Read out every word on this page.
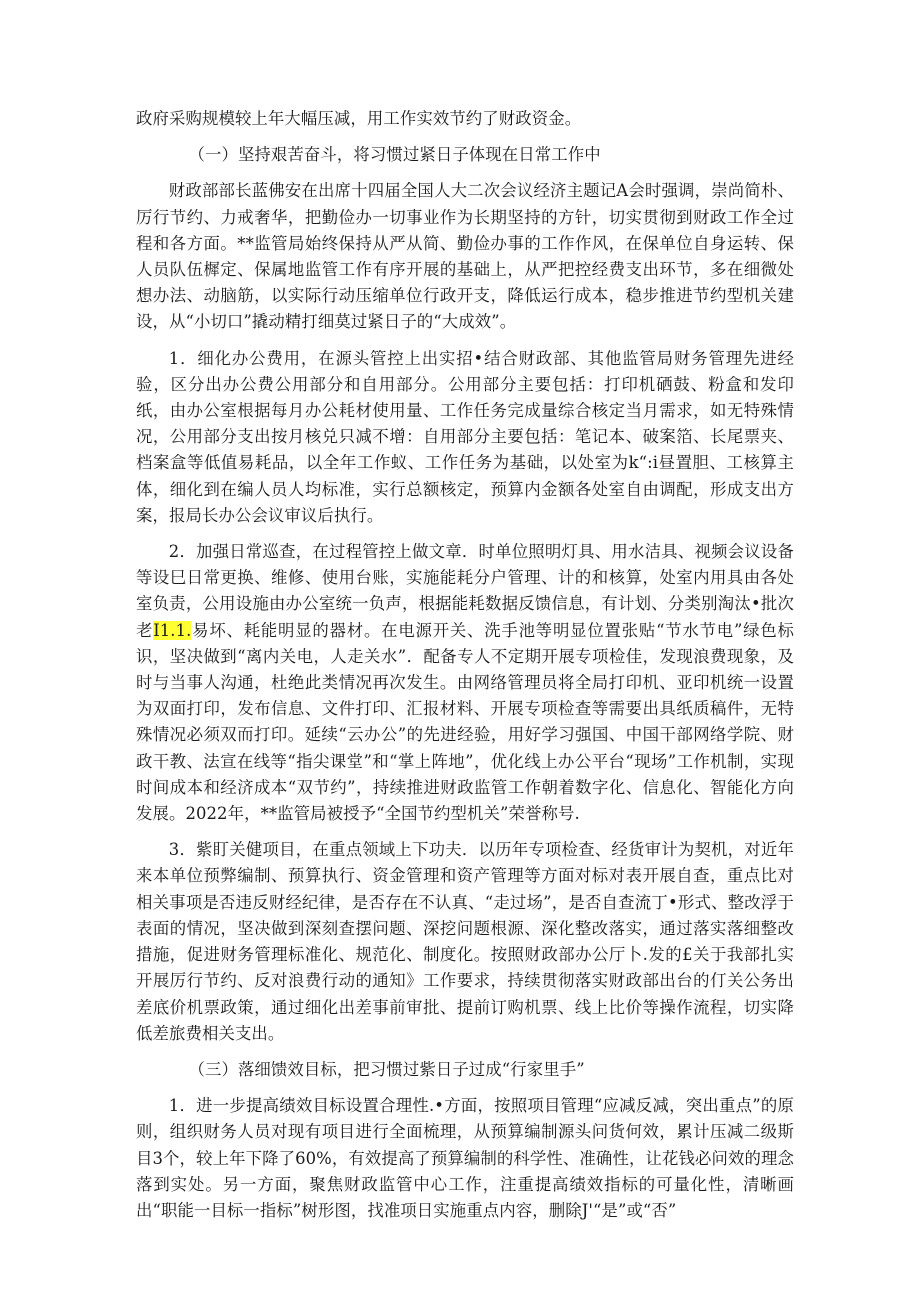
政府采购规模较上年大幅压减，用工作实效节约了财政资金。

（一）坚持艰苦奋斗，将习惯过紧日子体现在日常工作中

财政部部长蓝佛安在出席十四届全国人大二次会议经济主题记A会时强调，崇尚简朴、厉行节约、力戒奢华，把勤俭办一切事业作为长期坚持的方针，切实贯彻到财政工作全过程和各方面。**监管局始终保持从严从简、勤俭办事的工作作风，在保单位自身运转、保人员队伍樨定、保属地监管工作有序开展的基础上，从严把控经费支出环节，多在细微处想办法、动脑筋，以实际行动压缩单位行政开支，降低运行成本，稳步推进节约型机关建设，从“小切口”撬动精打细莫过紧日子的“大成效”。

1．细化办公费用，在源头管控上出实招•结合财政部、其他监管局财务管理先进经验，区分出办公费公用部分和自用部分。公用部分主要包括：打印机硒鼓、粉盒和发印纸，由办公室根据每月办公耗材使用量、工作任务完成量综合核定当月需求，如无特殊情况，公用部分支出按月核兑只减不增：自用部分主要包括：笔记本、破案箔、长尾票夹、档案盒等低值易耗品，以全年工作蚁、工作任务为基础，以处室为k“:i昼置胆、工核算主体，细化到在编人员人均标准，实行总额核定，预算内金额各处室自由调配，形成支出方案，报局长办公会议审议后执行。

2．加强日常巡查，在过程管控上做文章．时单位照明灯具、用水洁具、视频会议设备等设巳日常更换、维修、使用台账，实施能耗分户管理、计的和核算，处室内用具由各处室负责，公用设施由办公室统一负声，根据能耗数据反馈信息，有计划、分类别淘汰•批次老I1.1.易坏、耗能明显的器材。在电源开关、洗手池等明显位置张贴“节水节电”绿色标识，坚决做到“离内关电，人走关水”．配备专人不定期开展专项检佳，发现浪费现象，及时与当事人沟通，杜绝此类情况再次发生。由网络管理员将全局打印机、亚印机统一设置为双面打印，发布信息、文件打印、汇报材料、开展专项检查等需要出具纸质稿件，无特殊情况必须双而打印。延续“云办公”的先进经验，用好学习强国、中国干部网络学院、财政干教、法宣在线等“指尖课堂”和“掌上阵地”，优化线上办公平台“现场”工作机制，实现时间成本和经济成本“双节约”，持续推进财政监管工作朝着数字化、信息化、智能化方向发展。2022年，**监管局被授予“全国节约型机关”荣誉称号.

3．紫盯关健项目，在重点领域上下功夫．以历年专项检查、经货审计为契机，对近年来本单位预弊编制、预算执行、资金管理和资产管理等方面对标对表开展自查，重点比对相关事项是否违反财经纪律，是否存在不认真、“走过场”，是否自查流丁•形式、整改浮于表面的情况，坚决做到深刻查摆问题、深挖问题根源、深化整改落实，通过落实落细整改措施，促进财务管理标准化、规范化、制度化。按照财政部办公厅卜.发的£关于我部扎实开展厉行节约、反对浪费行动的通知》工作要求，持续贯彻落实财政部出台的仃关公务出差底价机票政策，通过细化出差事前审批、提前订购机票、线上比价等操作流程，切实降低差旅费相关支出。

（三）落细馈效目标，把习惯过紫日子过成“行家里手”

1．进一步提高绩效目标设置合理性.•方面，按照项目管理“应减反减，突出重点”的原则，组织财务人员对现有项目进行全面梳理，从预算编制源头问货何效，累计压减二级斯目3个，较上年下降了60%，有效提高了预算编制的科学性、准确性，让花钱必问效的理念落到实处。另一方面，聚焦财政监管中心工作，注重提高绩效指标的可量化性，清晰画出“职能一目标一指标”树形图，找准项日实施重点内容，删除J'“是”或“否”
